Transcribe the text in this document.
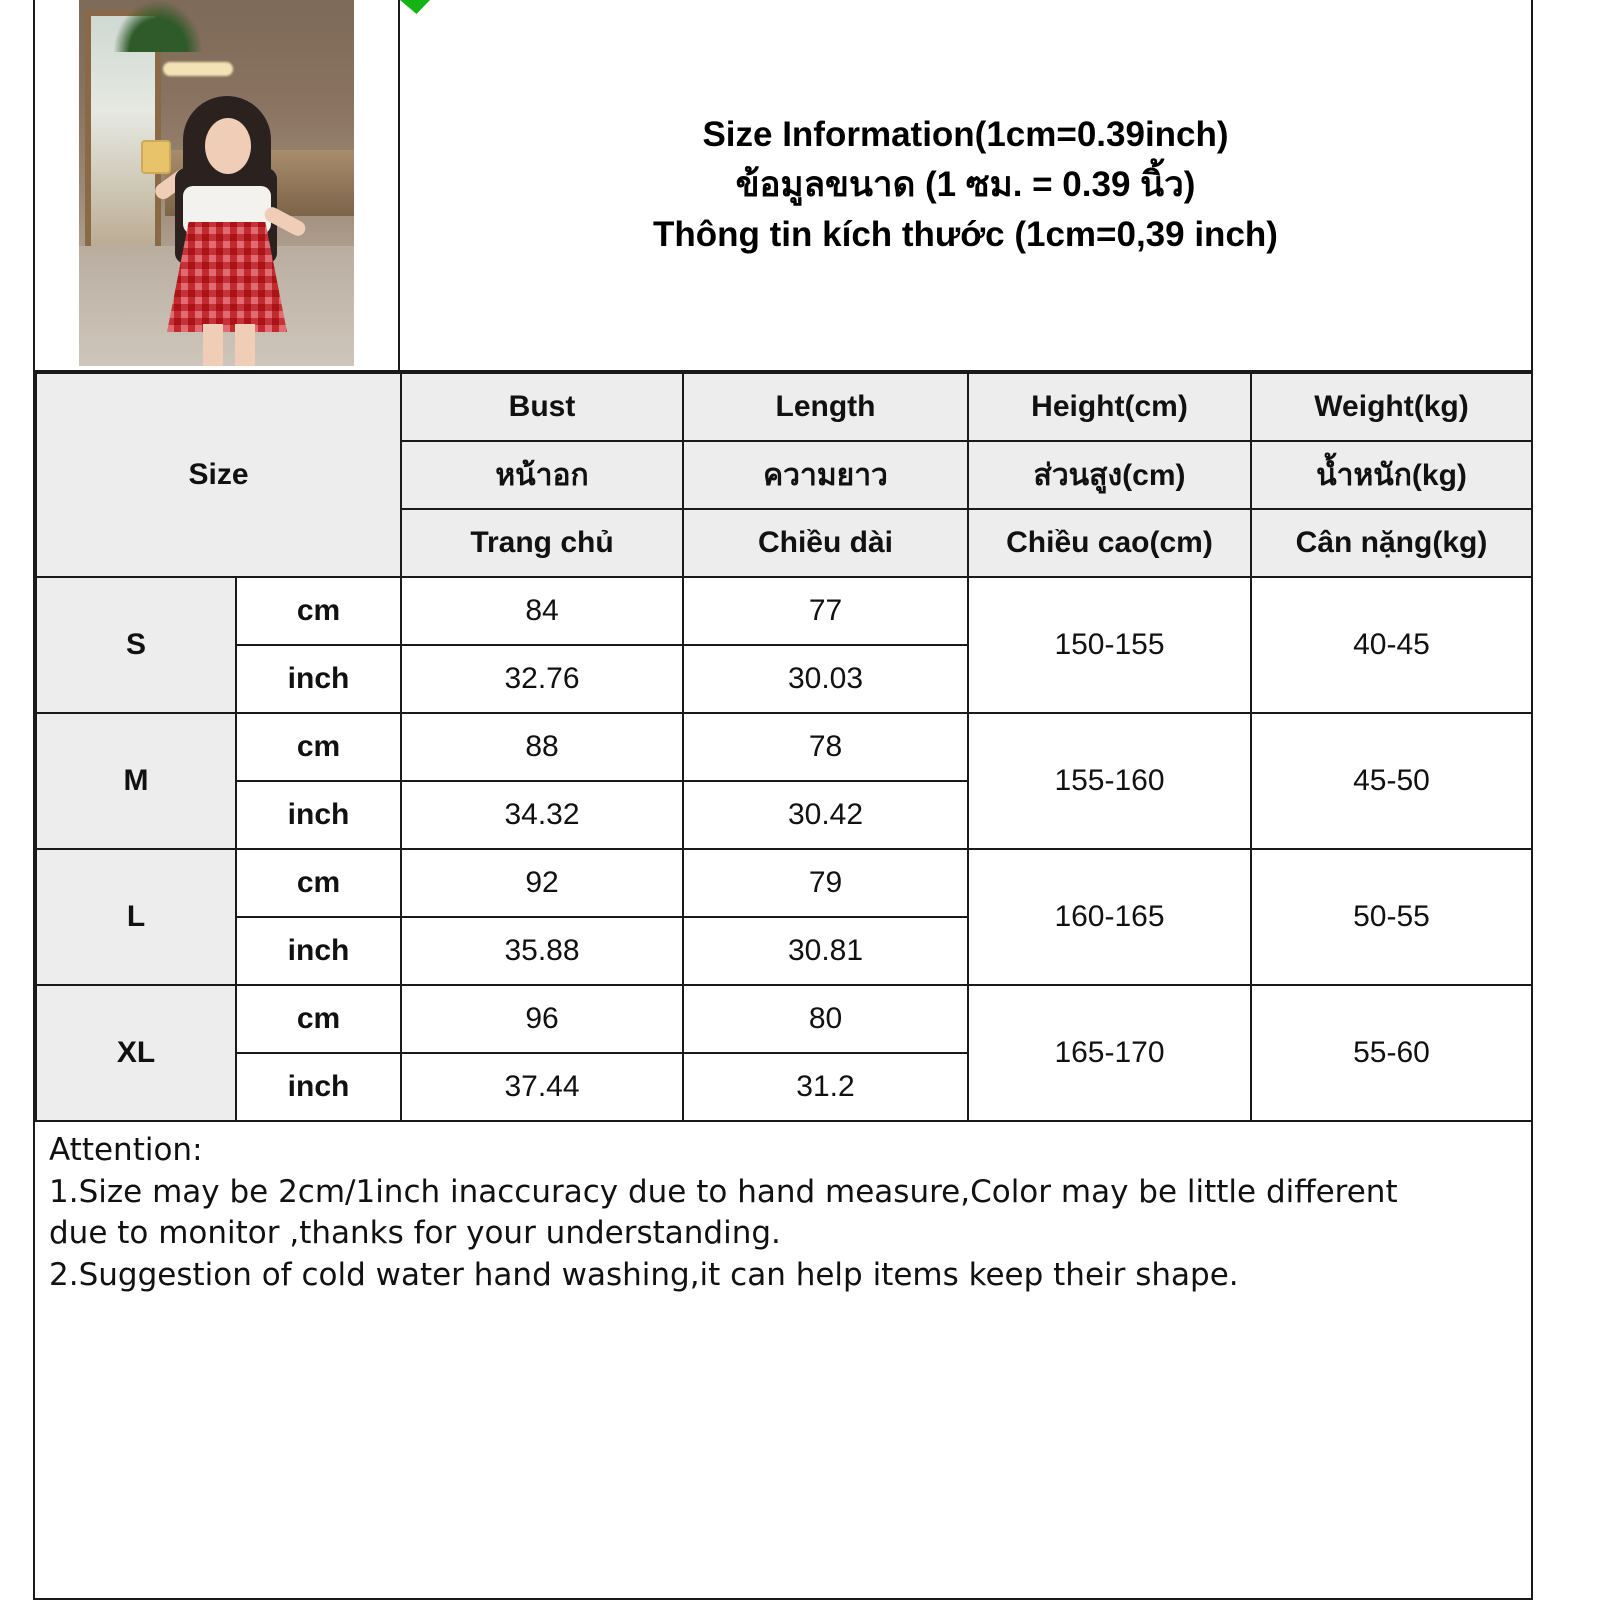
Size Information(1cm=0.39inch)
ข้อมูลขนาด (1 ซม. = 0.39 นิ้ว)
Thông tin kích thước (1cm=0,39 inch)
Size		Bust	Length	Height(cm)	Weight(kg)
		หน้าอก	ความยาว	ส่วนสูง(cm)	น้ำหนัก(kg)
		Trang chủ	Chiều dài	Chiều cao(cm)	Cân nặng(kg)
S	cm	84	77	150-155	40-45
	inch	32.76	30.03		
M	cm	88	78	155-160	45-50
	inch	34.32	30.42		
L	cm	92	79	160-165	50-55
	inch	35.88	30.81		
XL	cm	96	80	165-170	55-60
	inch	37.44	31.2		

Attention:

1.Size may be 2cm/1inch inaccuracy due to hand measure,Color may be little different

due to monitor ,thanks for your understanding.

2.Suggestion of cold water hand washing,it can help items keep their shape.
